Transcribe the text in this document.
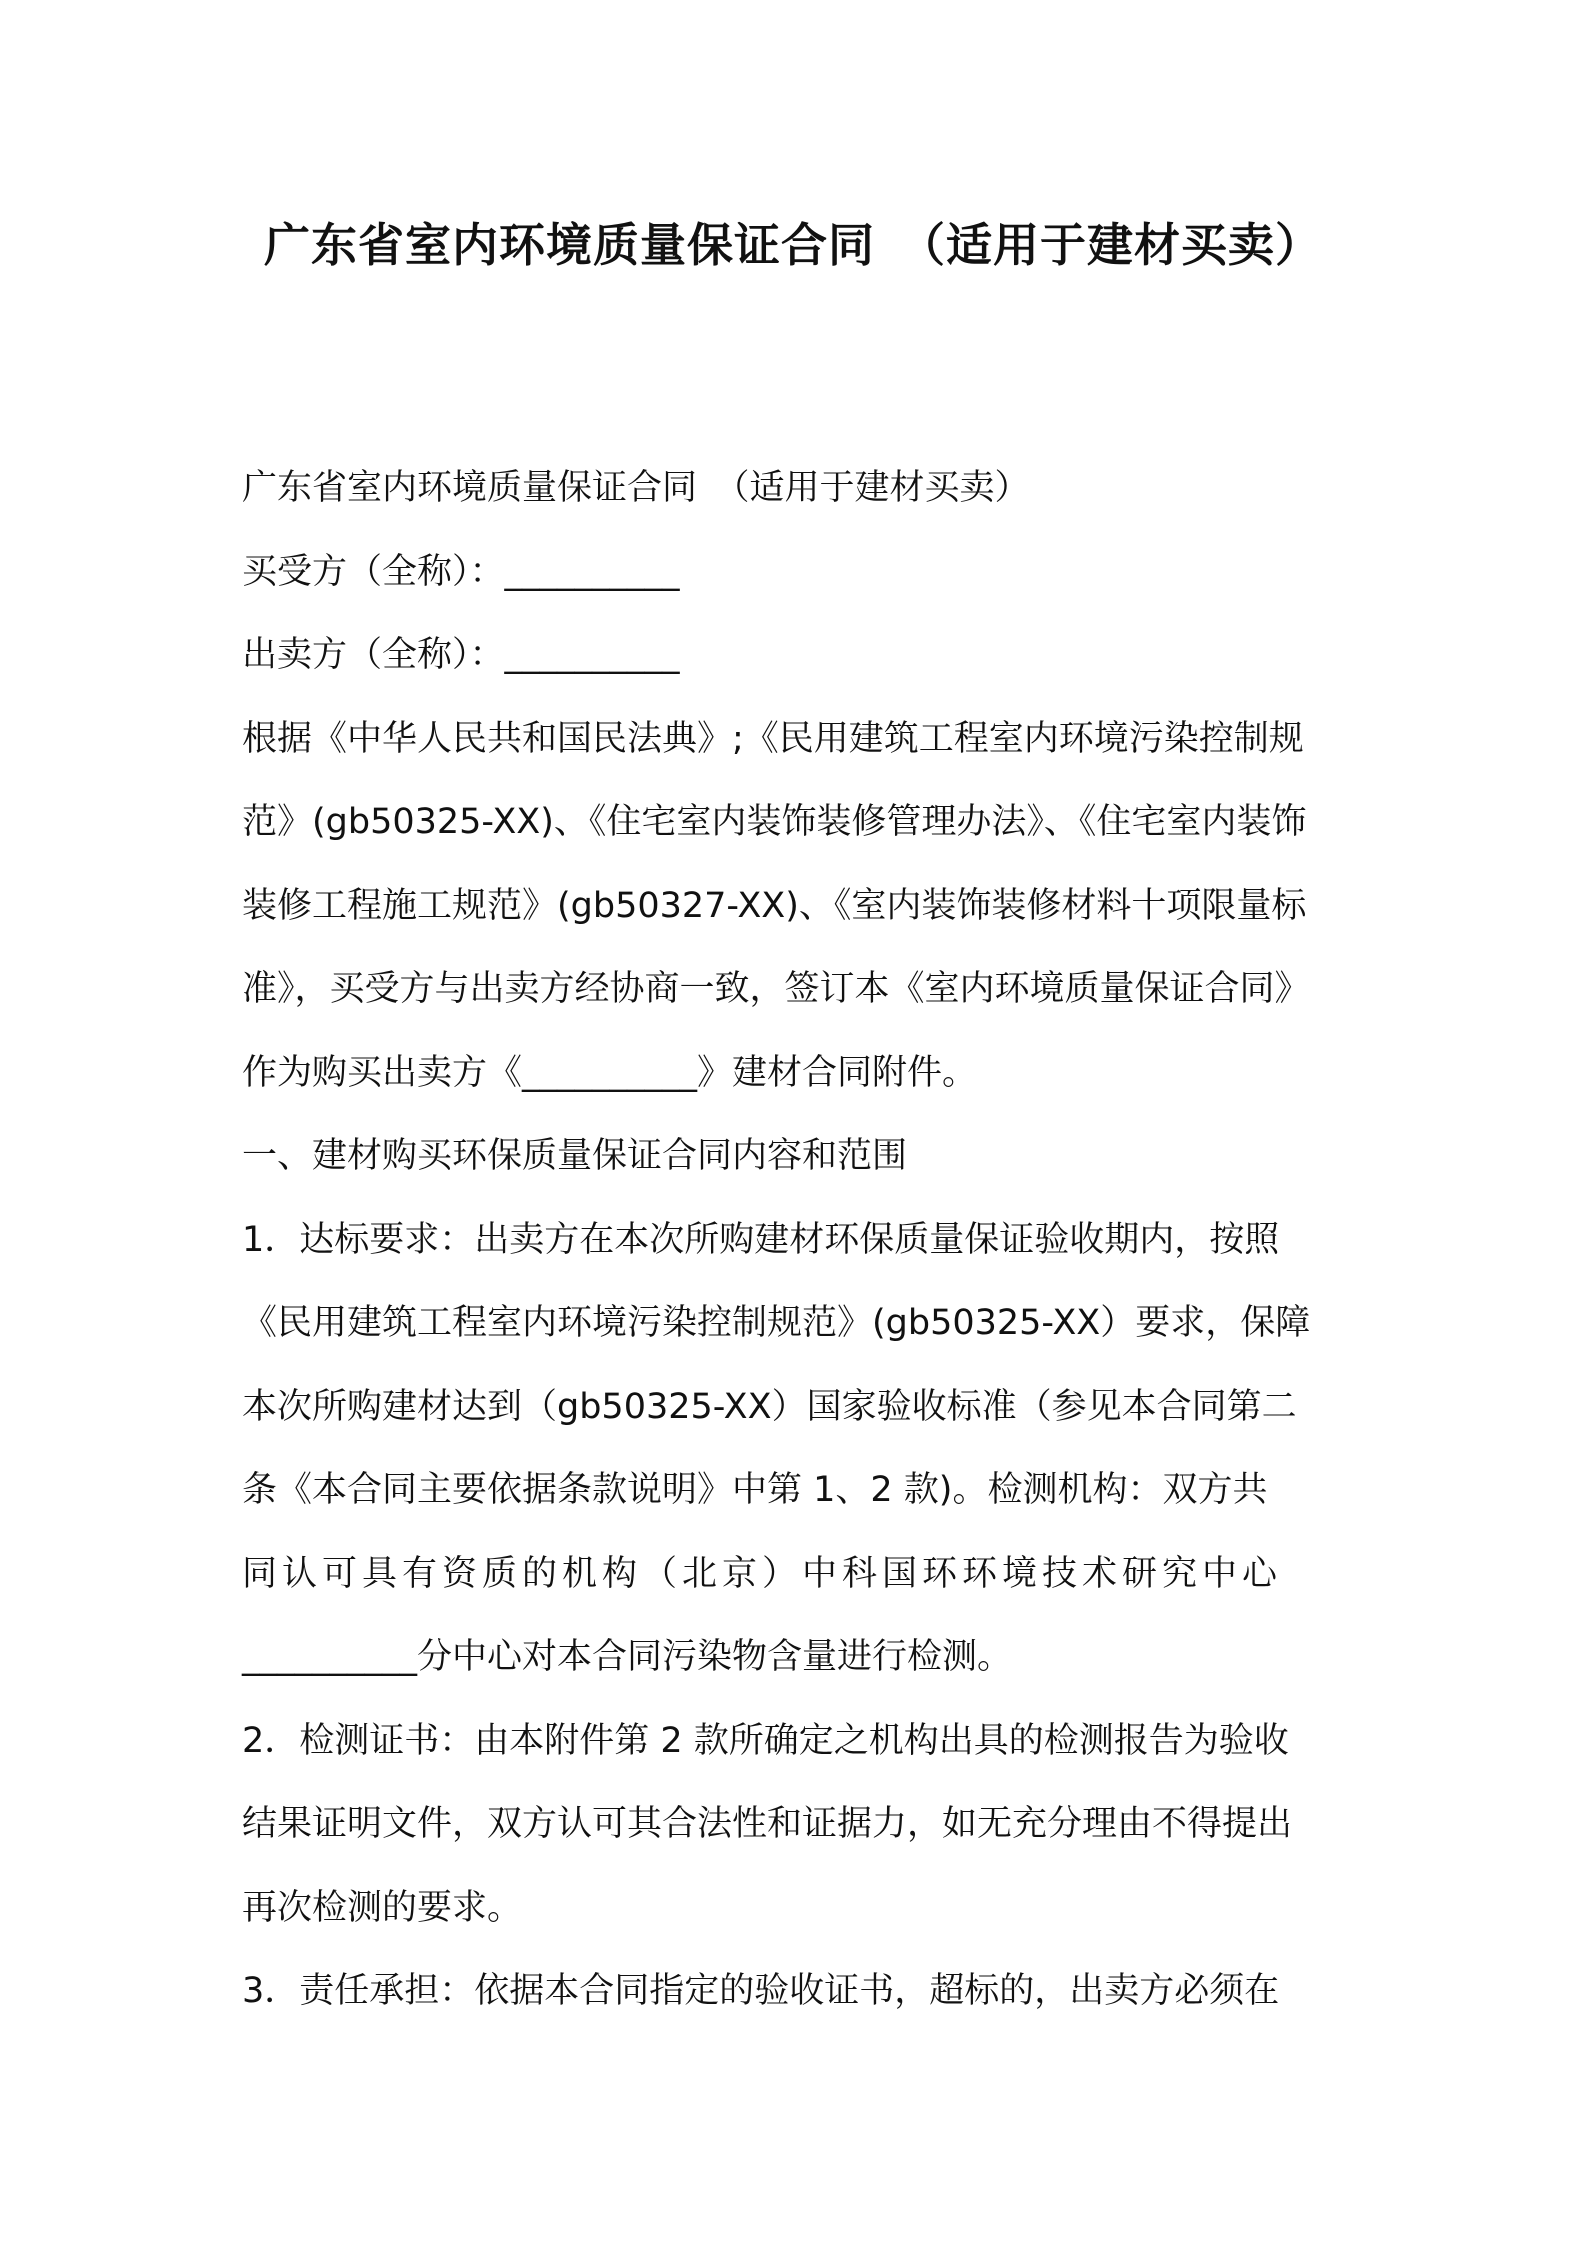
广东省室内环境质量保证合同　（适用于建材买卖）
广东省室内环境质量保证合同　（适用于建材买卖）
买受方（全称）：__________
出卖方（全称）：__________
根据《中华人民共和国民法典》;《民用建筑工程室内环境污染控制规
范》(gb50325-XX)、《住宅室内装饰装修管理办法》、《住宅室内装饰
装修工程施工规范》(gb50327-XX)、《室内装饰装修材料十项限量标
准》，买受方与出卖方经协商一致，签订本《室内环境质量保证合同》
作为购买出卖方《__________》建材合同附件。
一、建材购买环保质量保证合同内容和范围
1．达标要求：出卖方在本次所购建材环保质量保证验收期内，按照
《民用建筑工程室内环境污染控制规范》(gb50325-XX）要求，保障
本次所购建材达到（gb50325-XX）国家验收标准（参见本合同第二
条《本合同主要依据条款说明》中第 1、2 款)。检测机构：双方共
同认可具有资质的机构（北京）中科国环环境技术研究中心
__________分中心对本合同污染物含量进行检测。
2．检测证书：由本附件第 2 款所确定之机构出具的检测报告为验收
结果证明文件，双方认可其合法性和证据力，如无充分理由不得提出
再次检测的要求。
3．责任承担：依据本合同指定的验收证书，超标的，出卖方必须在
